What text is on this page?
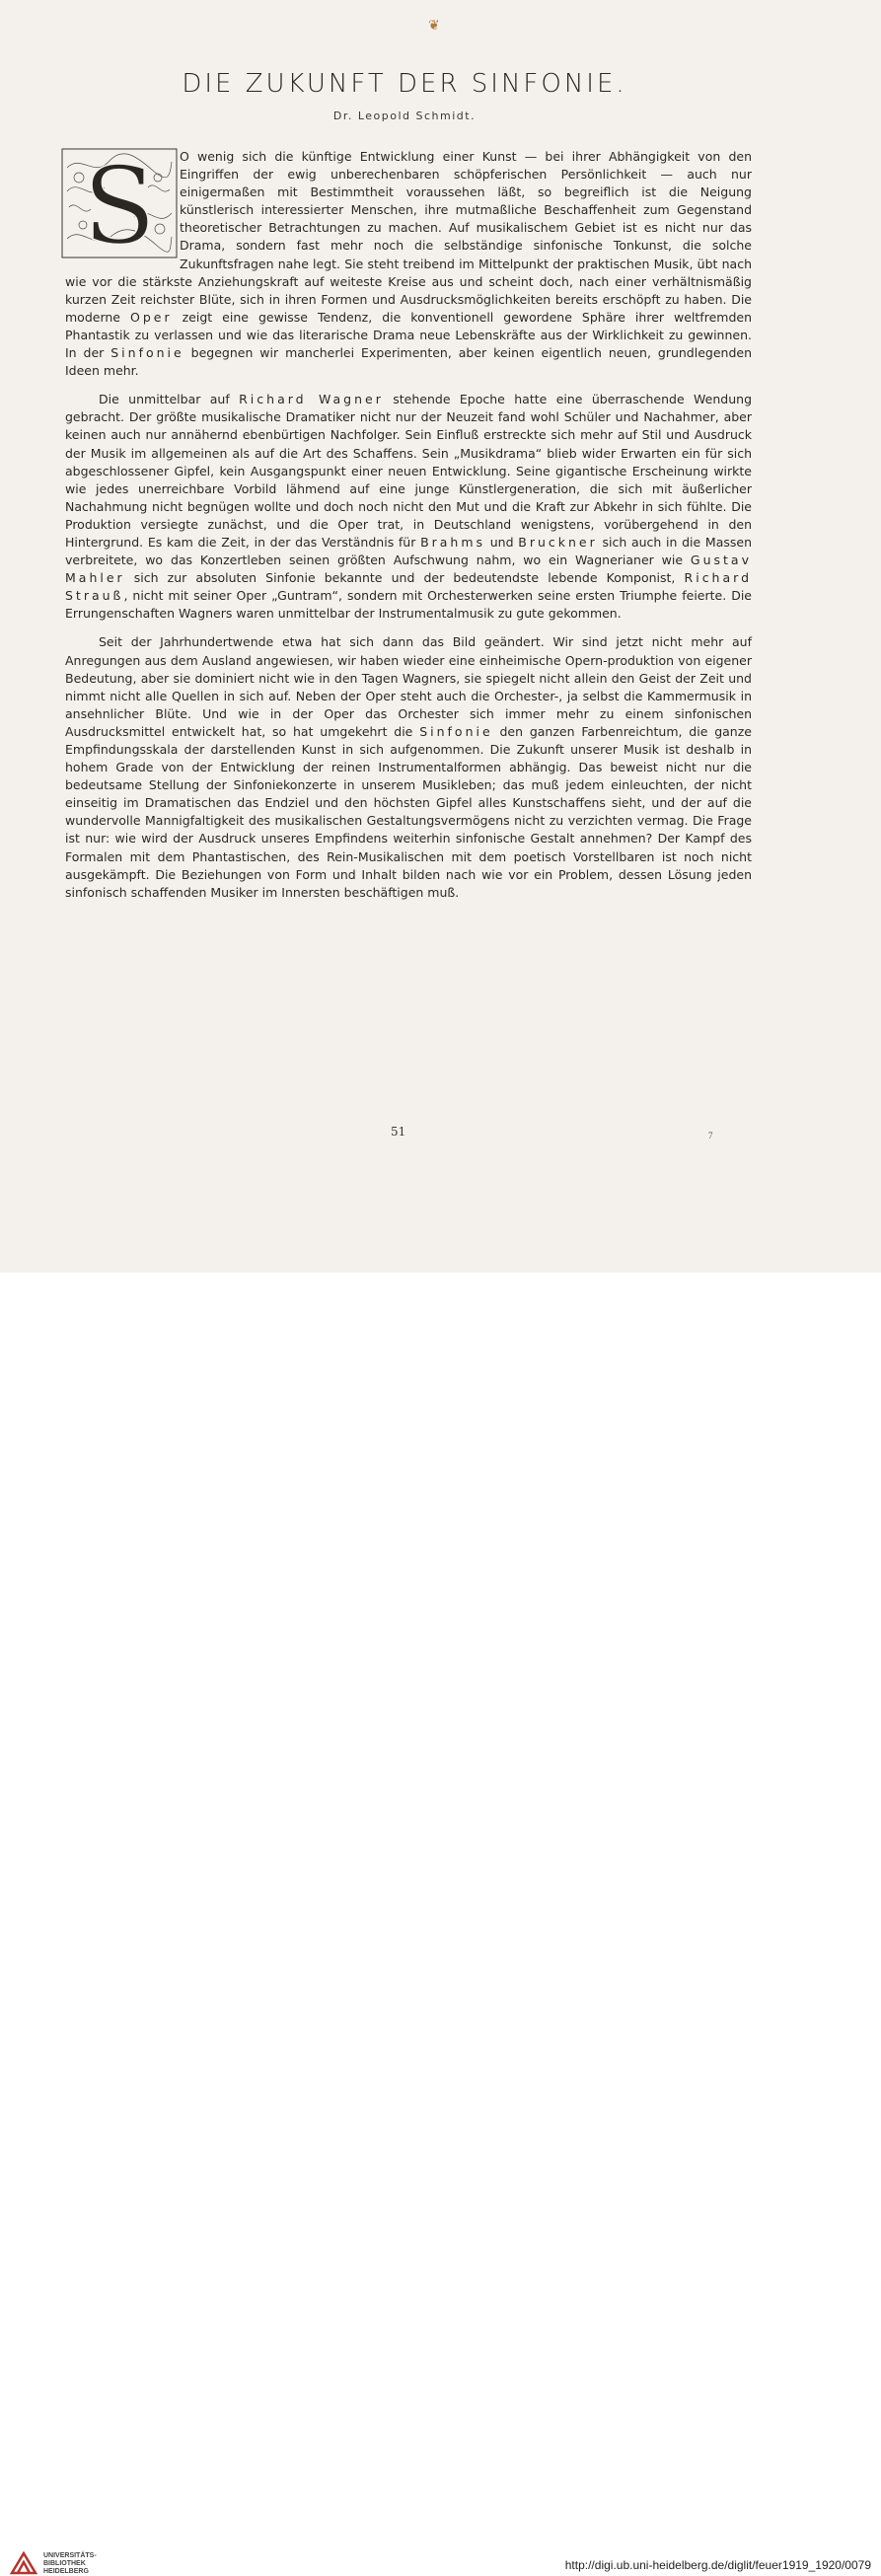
❦
DIE ZUKUNFT DER SINFONIE.
Dr. Leopold Schmidt.

S O wenig sich die künftige Entwicklung einer Kunst — bei ihrer Abhängigkeit von den Eingriffen der ewig unberechenbaren schöpferischen Persönlichkeit — auch nur einigermaßen mit Bestimmtheit voraussehen läßt, so begreiflich ist die Neigung künstlerisch interessierter Menschen, ihre mutmaßliche Beschaffenheit zum Gegenstand theoretischer Betrachtungen zu machen. Auf musikalischem Gebiet ist es nicht nur das Drama, sondern fast mehr noch die selbständige sinfonische Tonkunst, die solche Zukunftsfragen nahe legt. Sie steht treibend im Mittelpunkt der praktischen Musik, übt nach wie vor die stärkste Anziehungskraft auf weiteste Kreise aus und scheint doch, nach einer verhältnismäßig kurzen Zeit reichster Blüte, sich in ihren Formen und Ausdrucksmöglichkeiten bereits erschöpft zu haben. Die moderne Oper zeigt eine gewisse Tendenz, die konventionell gewordene Sphäre ihrer weltfremden Phantastik zu verlassen und wie das literarische Drama neue Lebenskräfte aus der Wirklichkeit zu gewinnen. In der Sinfonie begegnen wir mancherlei Experimenten, aber keinen eigentlich neuen, grundlegenden Ideen mehr.

Die unmittelbar auf Richard Wagner stehende Epoche hatte eine überraschende Wendung gebracht. Der größte musikalische Dramatiker nicht nur der Neuzeit fand wohl Schüler und Nachahmer, aber keinen auch nur annähernd ebenbürtigen Nachfolger. Sein Einfluß erstreckte sich mehr auf Stil und Ausdruck der Musik im allgemeinen als auf die Art des Schaffens. Sein „Musikdrama“ blieb wider Erwarten ein für sich abgeschlossener Gipfel, kein Ausgangspunkt einer neuen Entwicklung. Seine gigantische Erscheinung wirkte wie jedes unerreichbare Vorbild lähmend auf eine junge Künstlergeneration, die sich mit äußerlicher Nachahmung nicht begnügen wollte und doch noch nicht den Mut und die Kraft zur Abkehr in sich fühlte. Die Produktion versiegte zunächst, und die Oper trat, in Deutschland wenigstens, vorübergehend in den Hintergrund. Es kam die Zeit, in der das Verständnis für Brahms und Bruckner sich auch in die Massen verbreitete, wo das Konzertleben seinen größten Aufschwung nahm, wo ein Wagnerianer wie Gustav Mahler sich zur absoluten Sinfonie bekannte und der bedeutendste lebende Komponist, Richard Strauß, nicht mit seiner Oper „Guntram“, sondern mit Orchesterwerken seine ersten Triumphe feierte. Die Errungenschaften Wagners waren unmittelbar der Instrumentalmusik zu gute gekommen.

Seit der Jahrhundertwende etwa hat sich dann das Bild geändert. Wir sind jetzt nicht mehr auf Anregungen aus dem Ausland angewiesen, wir haben wieder eine einheimische Opern-produktion von eigener Bedeutung, aber sie dominiert nicht wie in den Tagen Wagners, sie spiegelt nicht allein den Geist der Zeit und nimmt nicht alle Quellen in sich auf. Neben der Oper steht auch die Orchester-, ja selbst die Kammermusik in ansehnlicher Blüte. Und wie in der Oper das Orchester sich immer mehr zu einem sinfonischen Ausdrucksmittel entwickelt hat, so hat umgekehrt die Sinfonie den ganzen Farbenreichtum, die ganze Empfindungsskala der darstellenden Kunst in sich aufgenommen. Die Zukunft unserer Musik ist deshalb in hohem Grade von der Entwicklung der reinen Instrumentalformen abhängig. Das beweist nicht nur die bedeutsame Stellung der Sinfoniekonzerte in unserem Musikleben; das muß jedem einleuchten, der nicht einseitig im Dramatischen das Endziel und den höchsten Gipfel alles Kunstschaffens sieht, und der auf die wundervolle Mannigfaltigkeit des musikalischen Gestaltungsvermögens nicht zu verzichten vermag. Die Frage ist nur: wie wird der Ausdruck unseres Empfindens weiterhin sinfonische Gestalt annehmen? Der Kampf des Formalen mit dem Phantastischen, des Rein-Musikalischen mit dem poetisch Vorstellbaren ist noch nicht ausgekämpft. Die Beziehungen von Form und Inhalt bilden nach wie vor ein Problem, dessen Lösung jeden sinfonisch schaffenden Musiker im Innersten beschäftigen muß.

51	7
UNIVERSITÄTS-
BIBLIOTHEK
HEIDELBERG	http://digi.ub.uni-heidelberg.de/diglit/feuer1919_1920/0079
